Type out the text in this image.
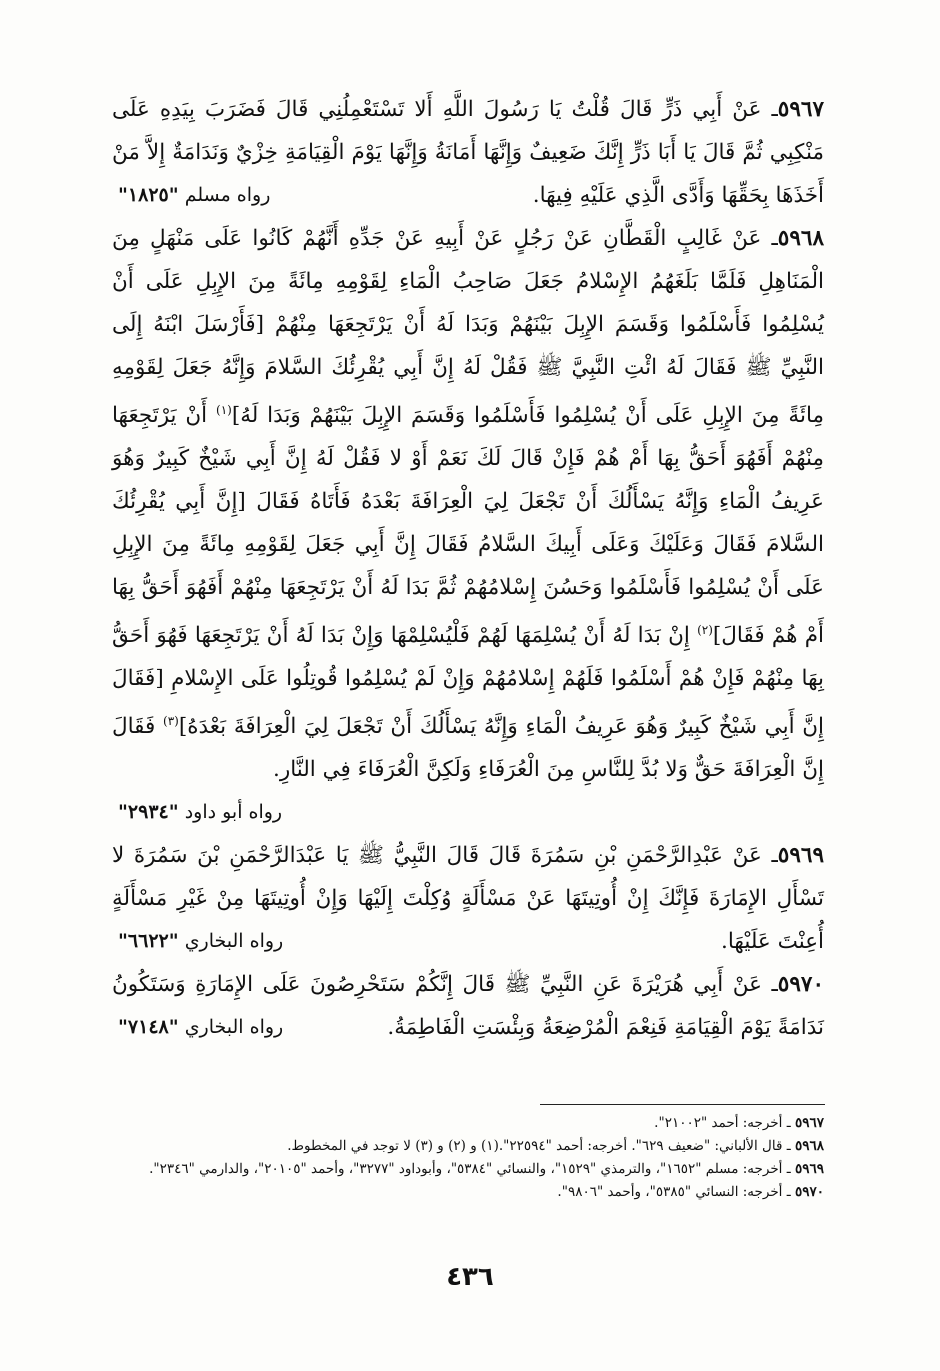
٥٩٦٧ـ عَنْ أَبِي ذَرٍّ قَالَ قُلْتُ يَا رَسُولَ اللَّهِ أَلا تَسْتَعْمِلُنِي قَالَ فَضَرَبَ بِيَدِهِ عَلَى مَنْكِبِي ثُمَّ قَالَ يَا أَبَا ذَرٍّ إِنَّكَ ضَعِيفٌ وَإِنَّهَا أَمَانَةُ وَإِنَّهَا يَوْمَ الْقِيَامَةِ خِزْيٌ وَنَدَامَةٌ إِلاَّ مَنْ أَخَذَهَا بِحَقِّهَا وَأَدَّى الَّذِي عَلَيْهِ فِيهَا.
رواه مسلم "١٨٢٥"

٥٩٦٨ـ عَنْ غَالِبٍ الْقَطَّانِ عَنْ رَجُلٍ عَنْ أَبِيهِ عَنْ جَدِّهِ أَنَّهُمْ كَانُوا عَلَى مَنْهَلٍ مِنَ الْمَنَاهِلِ فَلَمَّا بَلَغَهُمُ الإِسْلامُ جَعَلَ صَاحِبُ الْمَاءِ لِقَوْمِهِ مِائَةً مِنَ الإِبِلِ عَلَى أَنْ يُسْلِمُوا فَأَسْلَمُوا وَقَسَمَ الإِبِلَ بَيْنَهُمْ وَبَدَا لَهُ أَنْ يَرْتَجِعَهَا مِنْهُمْ [فَأَرْسَلَ ابْنَهُ إِلَى النَّبِيِّ ﷺ فَقَالَ لَهُ ائْتِ النَّبِيَّ ﷺ فَقُلْ لَهُ إِنَّ أَبِي يُقْرِئُكَ السَّلامَ وَإِنَّهُ جَعَلَ لِقَوْمِهِ مِائَةً مِنَ الإِبِلِ عَلَى أَنْ يُسْلِمُوا فَأَسْلَمُوا وَقَسَمَ الإِبِلَ بَيْنَهُمْ وَبَدَا لَهُ]$^{(١)}$ أَنْ يَرْتَجِعَهَا مِنْهُمْ أَفَهُوَ أَحَقُّ بِهَا أَمْ هُمْ فَإِنْ قَالَ لَكَ نَعَمْ أَوْ لا فَقُلْ لَهُ إِنَّ أَبِي شَيْخٌ كَبِيرٌ وَهُوَ عَرِيفُ الْمَاءِ وَإِنَّهُ يَسْأَلُكَ أَنْ تَجْعَلَ لِيَ الْعِرَافَةَ بَعْدَهُ فَأَتَاهُ فَقَالَ [إِنَّ أَبِي يُقْرِئُكَ السَّلامَ فَقَالَ وَعَلَيْكَ وَعَلَى أَبِيكَ السَّلامُ فَقَالَ إِنَّ أَبِي جَعَلَ لِقَوْمِهِ مِائَةً مِنَ الإِبِلِ عَلَى أَنْ يُسْلِمُوا فَأَسْلَمُوا وَحَسُنَ إِسْلامُهُمْ ثُمَّ بَدَا لَهُ أَنْ يَرْتَجِعَهَا مِنْهُمْ أَفَهُوَ أَحَقُّ بِهَا أَمْ هُمْ فَقَالَ]$^{(٢)}$ إِنْ بَدَا لَهُ أَنْ يُسْلِمَهَا لَهُمْ فَلْيُسْلِمْهَا وَإِنْ بَدَا لَهُ أَنْ يَرْتَجِعَهَا فَهُوَ أَحَقُّ بِهَا مِنْهُمْ فَإِنْ هُمْ أَسْلَمُوا فَلَهُمْ إِسْلامُهُمْ وَإِنْ لَمْ يُسْلِمُوا قُوتِلُوا عَلَى الإِسْلامِ [فَقَالَ إِنَّ أَبِي شَيْخٌ كَبِيرٌ وَهُوَ عَرِيفُ الْمَاءِ وَإِنَّهُ يَسْأَلُكَ أَنْ تَجْعَلَ لِيَ الْعِرَافَةَ بَعْدَهُ]$^{(٣)}$ فَقَالَ إِنَّ الْعِرَافَةَ حَقٌّ وَلا بُدَّ لِلنَّاسِ مِنَ الْعُرَفَاءِ وَلَكِنَّ الْعُرَفَاءَ فِي النَّارِ.
رواه أبو داود "٢٩٣٤"

٥٩٦٩ـ عَنْ عَبْدِالرَّحْمَنِ بْنِ سَمُرَةَ قَالَ قَالَ النَّبِيُّ ﷺ يَا عَبْدَالرَّحْمَنِ بْنَ سَمُرَةَ لا تَسْأَلِ الإِمَارَةَ فَإِنَّكَ إِنْ أُوتِيتَهَا عَنْ مَسْأَلَةٍ وُكِلْتَ إِلَيْهَا وَإِنْ أُوتِيتَهَا مِنْ غَيْرِ مَسْأَلَةٍ أُعِنْتَ عَلَيْهَا.
رواه البخاري "٦٦٢٢"

٥٩٧٠ـ عَنْ أَبِي هُرَيْرَةَ عَنِ النَّبِيِّ ﷺ قَالَ إِنَّكُمْ سَتَحْرِصُونَ عَلَى الإِمَارَةِ وَسَتَكُونُ نَدَامَةً يَوْمَ الْقِيَامَةِ فَنِعْمَ الْمُرْضِعَةُ وَبِئْسَتِ الْفَاطِمَةُ.
رواه البخاري "٧١٤٨"

٥٩٦٧ ـ أخرجه: أحمد "٢١٠٠٢".

٥٩٦٨ ـ قال الألباني: "ضعيف ٦٢٩". أخرجه: أحمد "٢٢٥٩٤".(١) و (٢) و (٣) لا توجد في المخطوط.

٥٩٦٩ ـ أخرجه: مسلم "١٦٥٢"، والترمذي "١٥٢٩"، والنسائي "٥٣٨٤"، وأبوداود "٣٢٧٧"، وأحمد "٢٠١٠٥"، والدارمي "٢٣٤٦".

٥٩٧٠ ـ أخرجه: النسائي "٥٣٨٥"، وأحمد "٩٨٠٦".

٤٣٦
